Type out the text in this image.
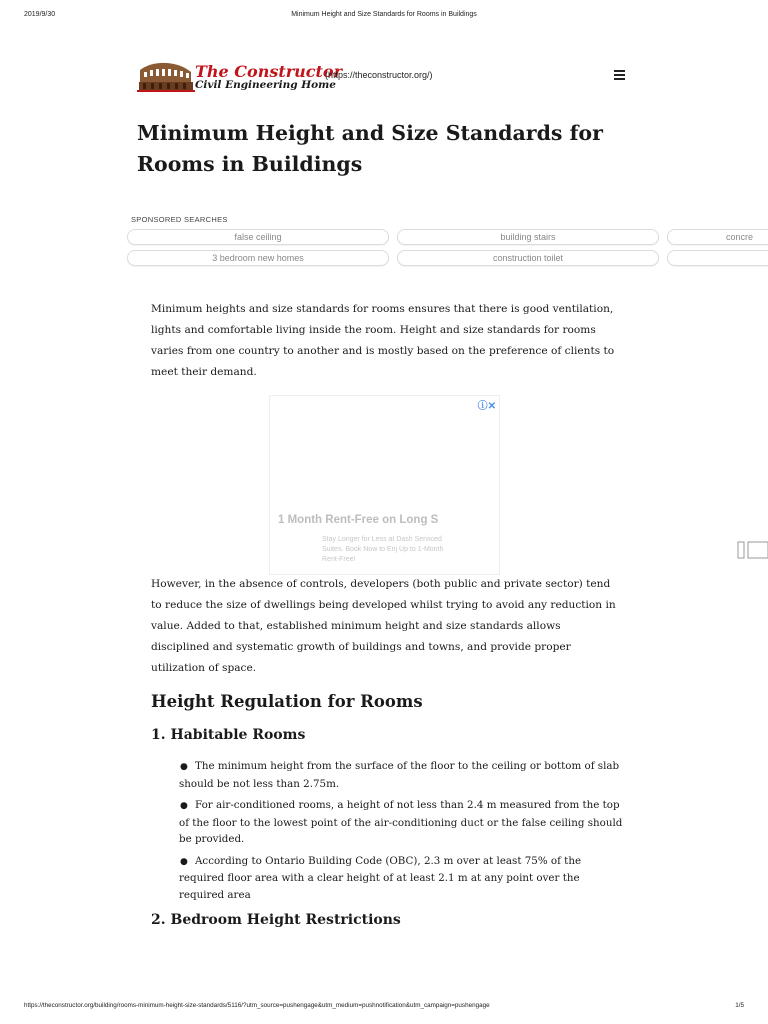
2019/9/30	Minimum Height and Size Standards for Rooms in Buildings
The Constructor
Civil Engineering Home
(https://theconstructor.org/)
Minimum Height and Size Standards for Rooms in Buildings
SPONSORED SEARCHES
false ceiling	building stairs	concre
3 bedroom new homes	construction toilet

Minimum heights and size standards for rooms ensures that there is good ventilation, lights and comfortable living inside the room. Height and size standards for rooms varies from one country to another and is mostly based on the preference of clients to meet their demand.

ⓘ✕
1 Month Rent-Free on Long S

Stay Longer for Less at Dash Serviced Suites. Book Now to Enj Up to 1-Month Rent-Free!

However, in the absence of controls, developers (both public and private sector) tend to reduce the size of dwellings being developed whilst trying to avoid any reduction in value. Added to that, established minimum height and size standards allows disciplined and systematic growth of buildings and towns, and provide proper utilization of space.

Height Regulation for Rooms
1. Habitable Rooms
● The minimum height from the surface of the floor to the ceiling or bottom of slab should be not less than 2.75m.
● For air-conditioned rooms, a height of not less than 2.4 m measured from the top of the floor to the lowest point of the air-conditioning duct or the false ceiling should be provided.
● According to Ontario Building Code (OBC), 2.3 m over at least 75% of the required floor area with a clear height of at least 2.1 m at any point over the required area
2. Bedroom Height Restrictions
https://theconstructor.org/building/rooms-minimum-height-size-standards/5116/?utm_source=pushengage&utm_medium=pushnotification&utm_campaign=pushengage	1/5
